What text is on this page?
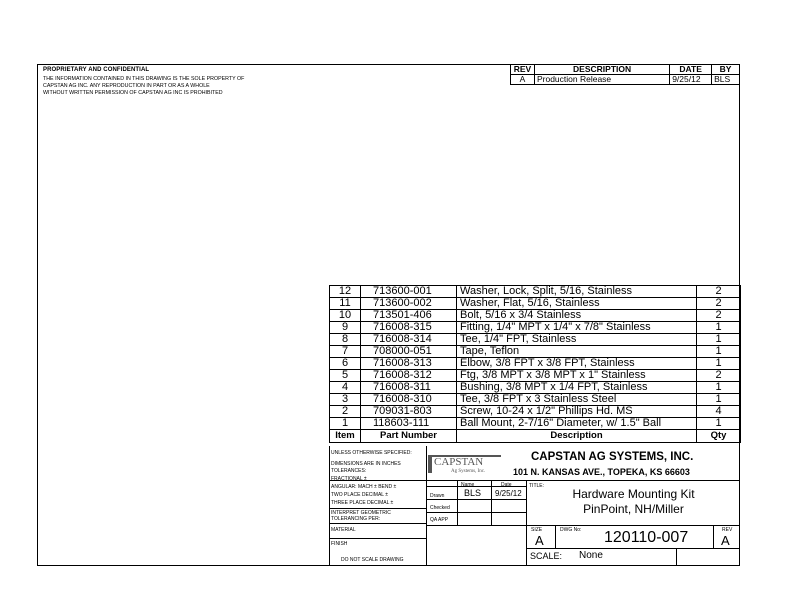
PROPRIETARY AND CONFIDENTIAL
THE INFORMATION CONTAINED IN THIS DRAWING IS THE SOLE PROPERTY OF
CAPSTAN AG INC. ANY REPRODUCTION IN PART OR AS A WHOLE
WITHOUT WRITTEN PERMISSION OF CAPSTAN AG INC IS PROHIBITED
REV	DESCRIPTION	DATE	BY
A	Production Release	9/25/12	BLS
12	713600-001	Washer, Lock, Split, 5/16, Stainless	2
11	713600-002	Washer, Flat, 5/16, Stainless	2
10	713501-406	Bolt, 5/16 x 3/4 Stainless	2
9	716008-315	Fitting, 1/4" MPT x 1/4" x 7/8" Stainless	1
8	716008-314	Tee, 1/4" FPT, Stainless	1
7	708000-051	Tape, Teflon	1
6	716008-313	Elbow, 3/8 FPT x 3/8 FPT, Stainless	1
5	716008-312	Ftg, 3/8 MPT x 3/8 MPT x 1" Stainless	2
4	716008-311	Bushing, 3/8 MPT x 1/4 FPT, Stainless	1
3	716008-310	Tee, 3/8 FPT x 3 Stainless Steel	1
2	709031-803	Screw, 10-24 x 1/2" Phillips Hd. MS	4
1	118603-111	Ball Mount, 2-7/16" Diameter, w/ 1.5" Ball	1
Item	Part Number	Description	Qty
UNLESS OTHERWISE SPECIFIED:
DIMENSIONS ARE IN INCHES
TOLERANCES:
FRACTIONAL ±
ANGULAR: MACH ± BEND ±
TWO PLACE DECIMAL ±
THREE PLACE DECIMAL ±
INTERPRET GEOMETRIC
TOLERANCING PER:
MATERIAL
FINISH
DO NOT SCALE DRAWING
CAPSTAN
Ag Systems, Inc.
CAPSTAN AG SYSTEMS, INC.
101 N. KANSAS AVE., TOPEKA, KS 66603
Name	Date
Drawn BLS 9/25/12
Checked
QA APP
TITLE:
Hardware Mounting Kit
PinPoint, NH/Miller
SIZE
A
DWG No: 120110-007	REV
A
SCALE: None
